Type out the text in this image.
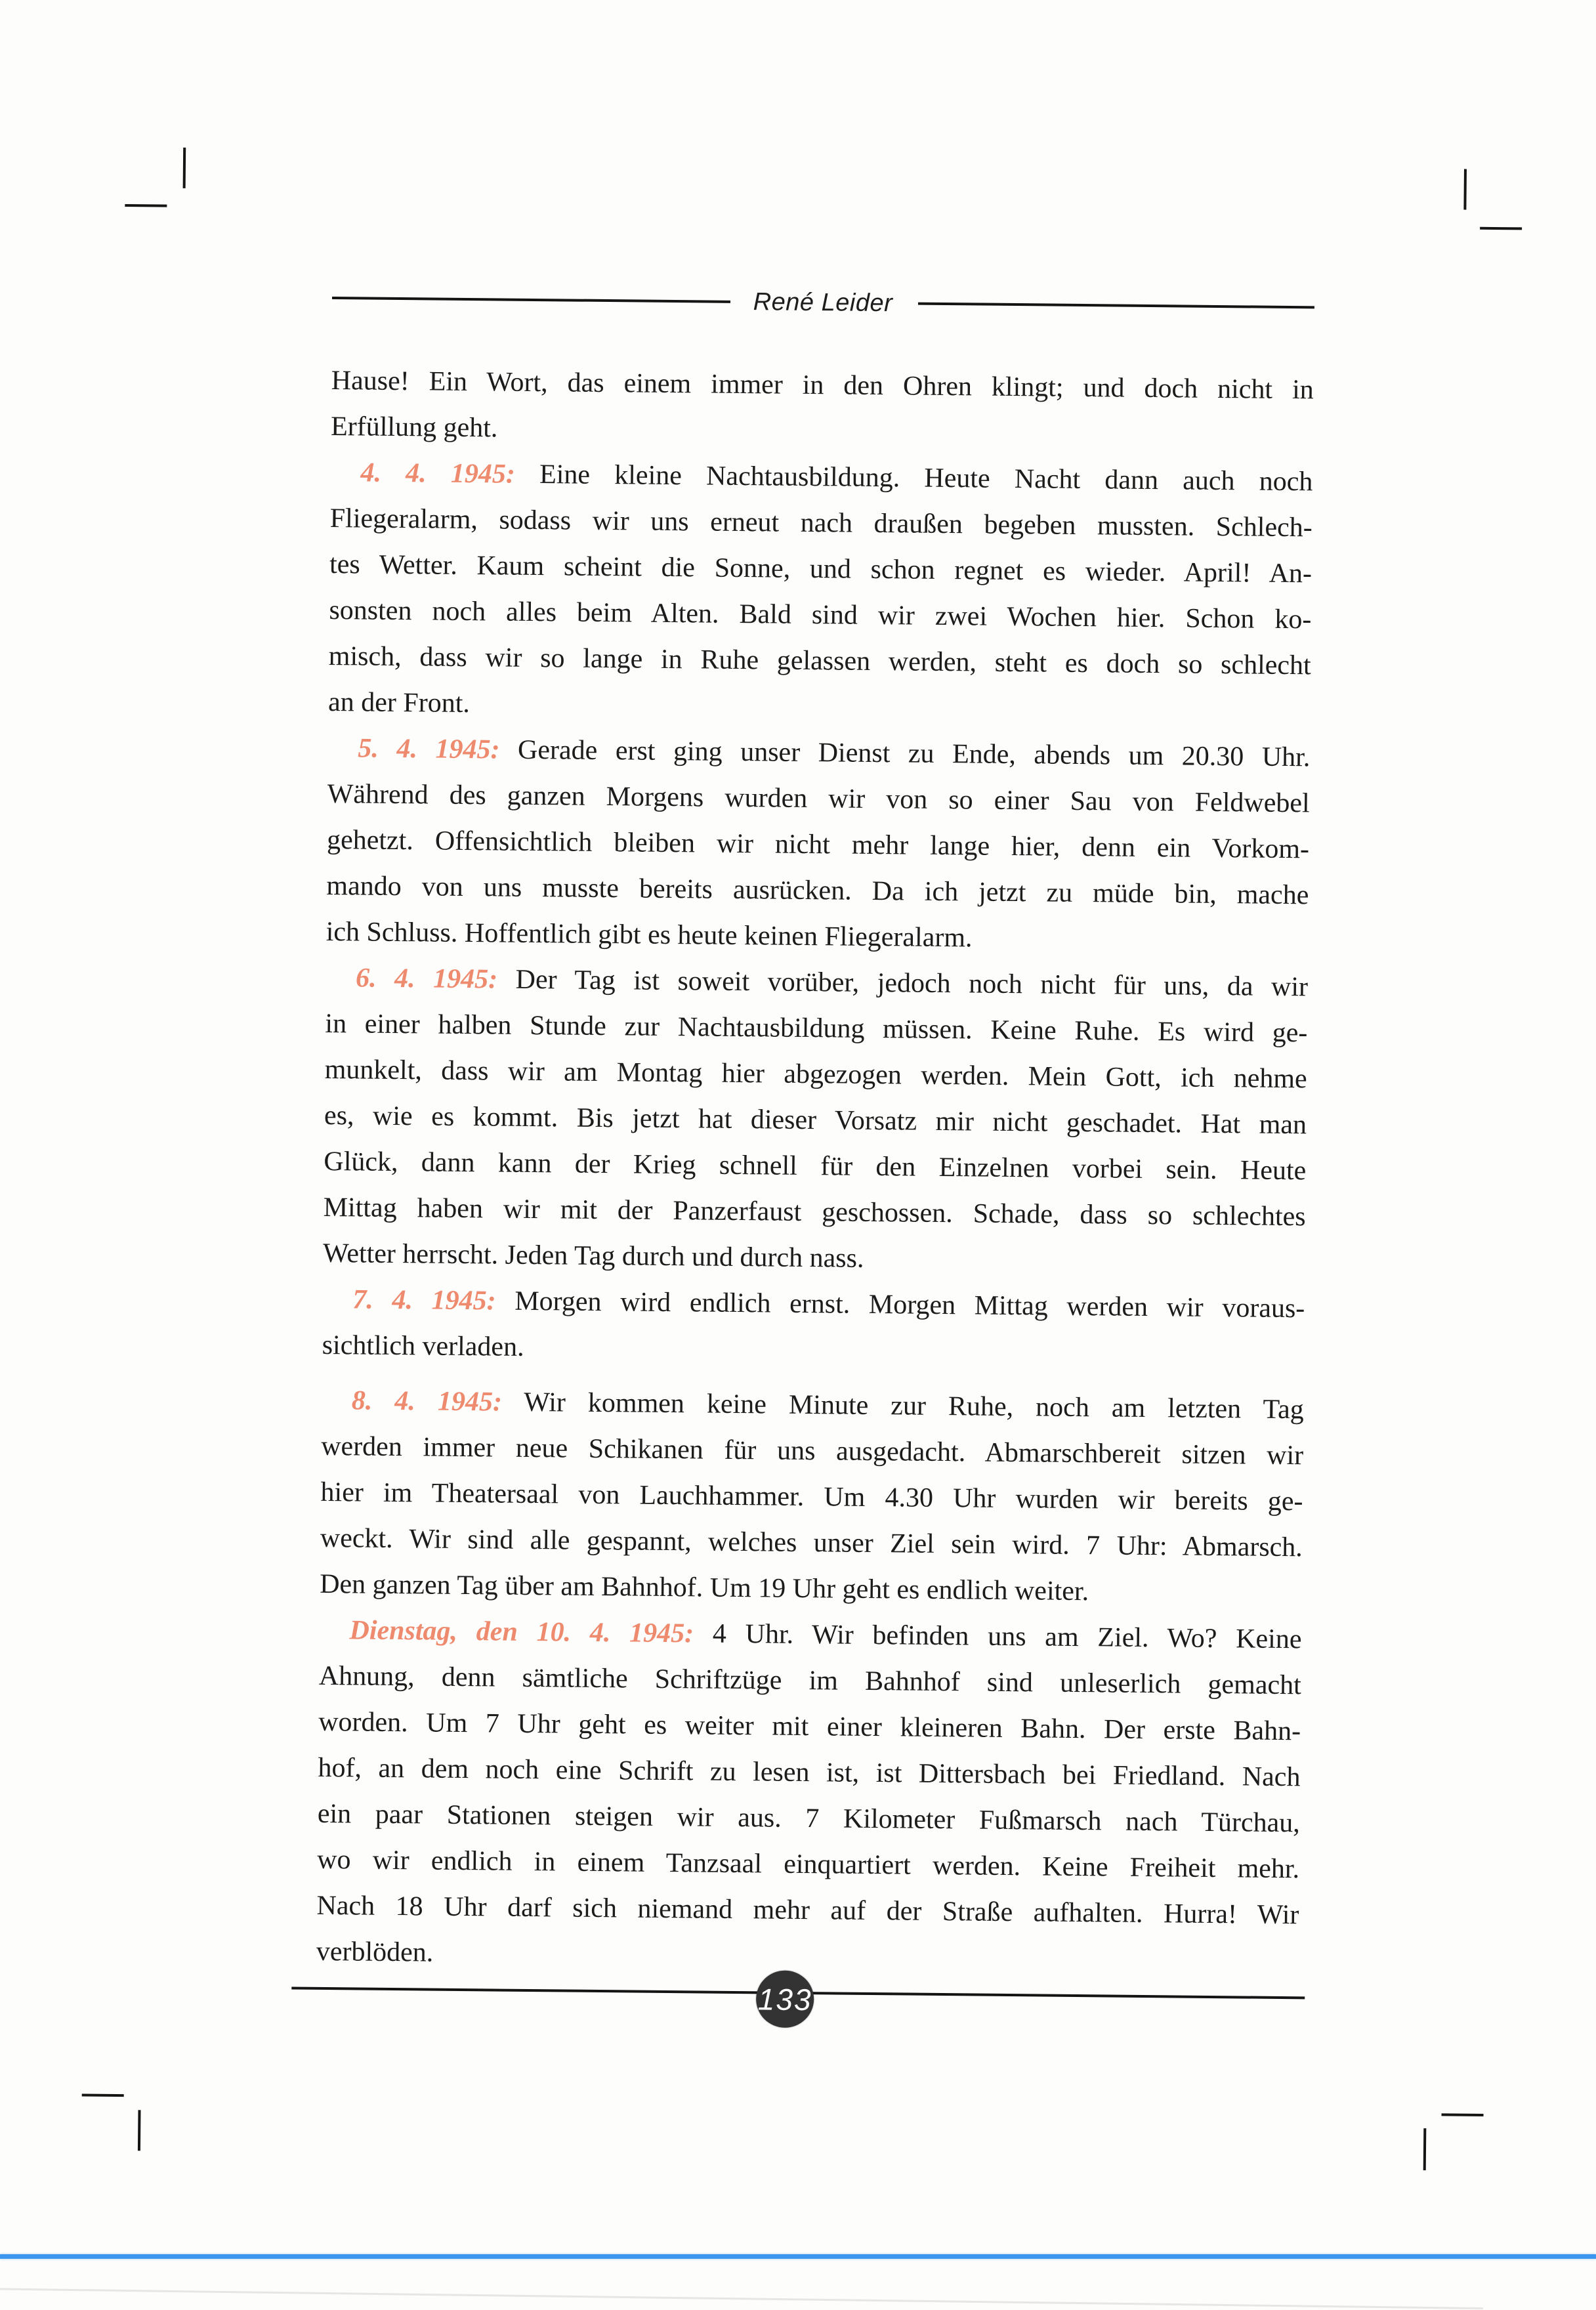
René Leider
Hause! Ein Wort, das einem immer in den Ohren klingt; und doch nicht in
Erfüllung geht.
4. 4. 1945: Eine kleine Nachtausbildung. Heute Nacht dann auch noch
Fliegeralarm, sodass wir uns erneut nach draußen begeben mussten. Schlech-
tes Wetter. Kaum scheint die Sonne, und schon regnet es wieder. April! An-
sonsten noch alles beim Alten. Bald sind wir zwei Wochen hier. Schon ko-
misch, dass wir so lange in Ruhe gelassen werden, steht es doch so schlecht
an der Front.
5. 4. 1945: Gerade erst ging unser Dienst zu Ende, abends um 20.30 Uhr.
Während des ganzen Morgens wurden wir von so einer Sau von Feldwebel
gehetzt. Offensichtlich bleiben wir nicht mehr lange hier, denn ein Vorkom-
mando von uns musste bereits ausrücken. Da ich jetzt zu müde bin, mache
ich Schluss. Hoffentlich gibt es heute keinen Fliegeralarm.
6. 4. 1945: Der Tag ist soweit vorüber, jedoch noch nicht für uns, da wir
in einer halben Stunde zur Nachtausbildung müssen. Keine Ruhe. Es wird ge-
munkelt, dass wir am Montag hier abgezogen werden. Mein Gott, ich nehme
es, wie es kommt. Bis jetzt hat dieser Vorsatz mir nicht geschadet. Hat man
Glück, dann kann der Krieg schnell für den Einzelnen vorbei sein. Heute
Mittag haben wir mit der Panzerfaust geschossen. Schade, dass so schlechtes
Wetter herrscht. Jeden Tag durch und durch nass.
7. 4. 1945: Morgen wird endlich ernst. Morgen Mittag werden wir voraus-
sichtlich verladen.
8. 4. 1945: Wir kommen keine Minute zur Ruhe, noch am letzten Tag
werden immer neue Schikanen für uns ausgedacht. Abmarschbereit sitzen wir
hier im Theatersaal von Lauchhammer. Um 4.30 Uhr wurden wir bereits ge-
weckt. Wir sind alle gespannt, welches unser Ziel sein wird. 7 Uhr: Abmarsch.
Den ganzen Tag über am Bahnhof. Um 19 Uhr geht es endlich weiter.
Dienstag, den 10. 4. 1945: 4 Uhr. Wir befinden uns am Ziel. Wo? Keine
Ahnung, denn sämtliche Schriftzüge im Bahnhof sind unleserlich gemacht
worden. Um 7 Uhr geht es weiter mit einer kleineren Bahn. Der erste Bahn-
hof, an dem noch eine Schrift zu lesen ist, ist Dittersbach bei Friedland. Nach
ein paar Stationen steigen wir aus. 7 Kilometer Fußmarsch nach Türchau,
wo wir endlich in einem Tanzsaal einquartiert werden. Keine Freiheit mehr.
Nach 18 Uhr darf sich niemand mehr auf der Straße aufhalten. Hurra! Wir
verblöden.
133
